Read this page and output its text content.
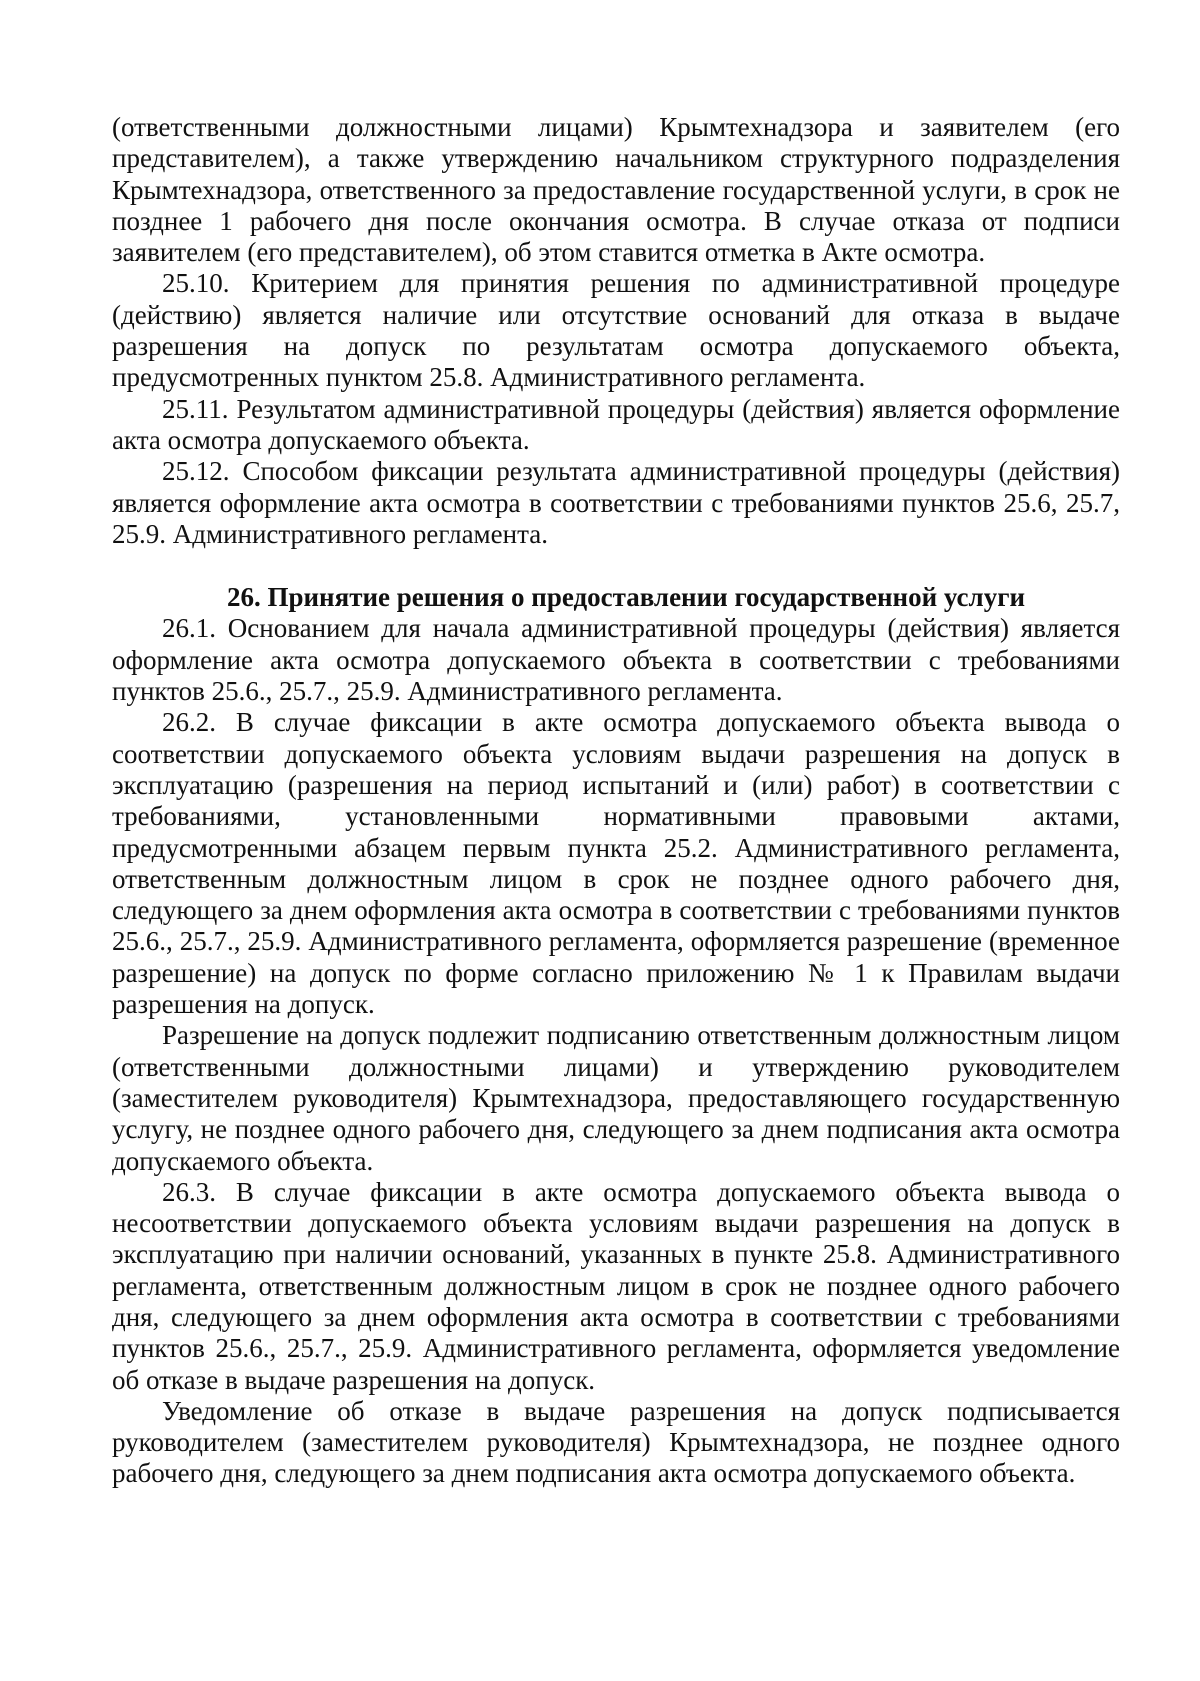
(ответственными должностными лицами) Крымтехнадзора и заявителем (его представителем), а также утверждению начальником структурного подразделения Крымтехнадзора, ответственного за предоставление государственной услуги, в срок не позднее 1 рабочего дня после окончания осмотра. В случае отказа от подписи заявителем (его представителем), об этом ставится отметка в Акте осмотра.

25.10. Критерием для принятия решения по административной процедуре (действию) является наличие или отсутствие оснований для отказа в выдаче разрешения на допуск по результатам осмотра допускаемого объекта, предусмотренных пунктом 25.8. Административного регламента.

25.11. Результатом административной процедуры (действия) является оформление акта осмотра допускаемого объекта.

25.12. Способом фиксации результата административной процедуры (действия) является оформление акта осмотра в соответствии с требованиями пунктов 25.6, 25.7, 25.9. Административного регламента.

26. Принятие решения о предоставлении государственной услуги

26.1. Основанием для начала административной процедуры (действия) является оформление акта осмотра допускаемого объекта в соответствии с требованиями пунктов 25.6., 25.7., 25.9. Административного регламента.

26.2. В случае фиксации в акте осмотра допускаемого объекта вывода о соответствии допускаемого объекта условиям выдачи разрешения на допуск в эксплуатацию (разрешения на период испытаний и (или) работ) в соответствии с требованиями, установленными нормативными правовыми актами, предусмотренными абзацем первым пункта 25.2. Административного регламента, ответственным должностным лицом в срок не позднее одного рабочего дня, следующего за днем оформления акта осмотра в соответствии с требованиями пунктов 25.6., 25.7., 25.9. Административного регламента, оформляется разрешение (временное разрешение) на допуск по форме согласно приложению № 1 к Правилам выдачи разрешения на допуск.

Разрешение на допуск подлежит подписанию ответственным должностным лицом (ответственными должностными лицами) и утверждению руководителем (заместителем руководителя) Крымтехнадзора, предоставляющего государственную услугу, не позднее одного рабочего дня, следующего за днем подписания акта осмотра допускаемого объекта.

26.3. В случае фиксации в акте осмотра допускаемого объекта вывода о несоответствии допускаемого объекта условиям выдачи разрешения на допуск в эксплуатацию при наличии оснований, указанных в пункте 25.8. Административного регламента, ответственным должностным лицом в срок не позднее одного рабочего дня, следующего за днем оформления акта осмотра в соответствии с требованиями пунктов 25.6., 25.7., 25.9. Административного регламента, оформляется уведомление об отказе в выдаче разрешения на допуск.

Уведомление об отказе в выдаче разрешения на допуск подписывается руководителем (заместителем руководителя) Крымтехнадзора, не позднее одного рабочего дня, следующего за днем подписания акта осмотра допускаемого объекта.
